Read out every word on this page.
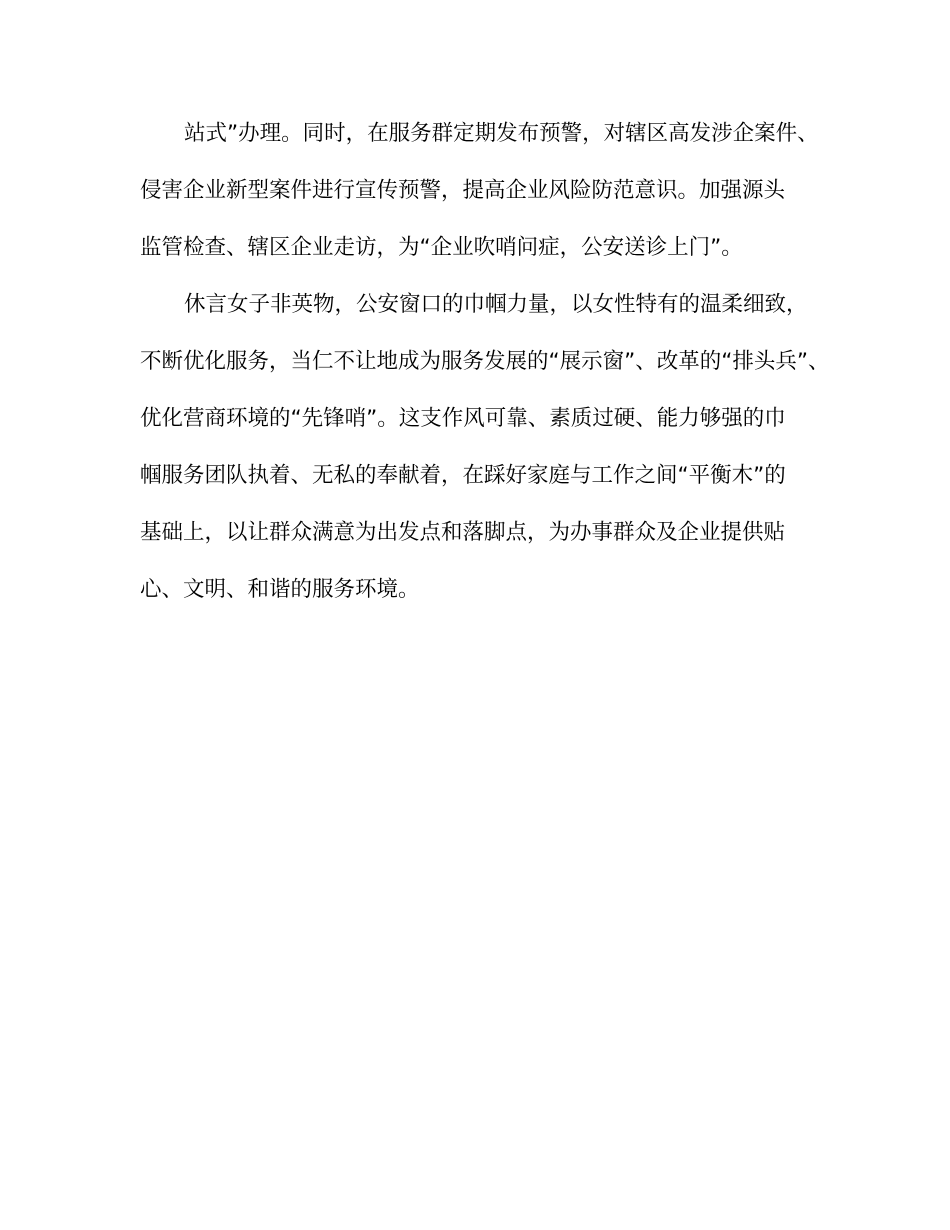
站式”办理。同时，在服务群定期发布预警，对辖区高发涉企案件、
侵害企业新型案件进行宣传预警，提高企业风险防范意识。加强源头
监管检查、辖区企业走访，为“企业吹哨问症，公安送诊上门”。
休言女子非英物，公安窗口的巾帼力量，以女性特有的温柔细致，
不断优化服务，当仁不让地成为服务发展的“展示窗”、改革的“排头兵”、
优化营商环境的“先锋哨”。这支作风可靠、素质过硬、能力够强的巾
帼服务团队执着、无私的奉献着，在踩好家庭与工作之间“平衡木”的
基础上，以让群众满意为出发点和落脚点，为办事群众及企业提供贴
心、文明、和谐的服务环境。
